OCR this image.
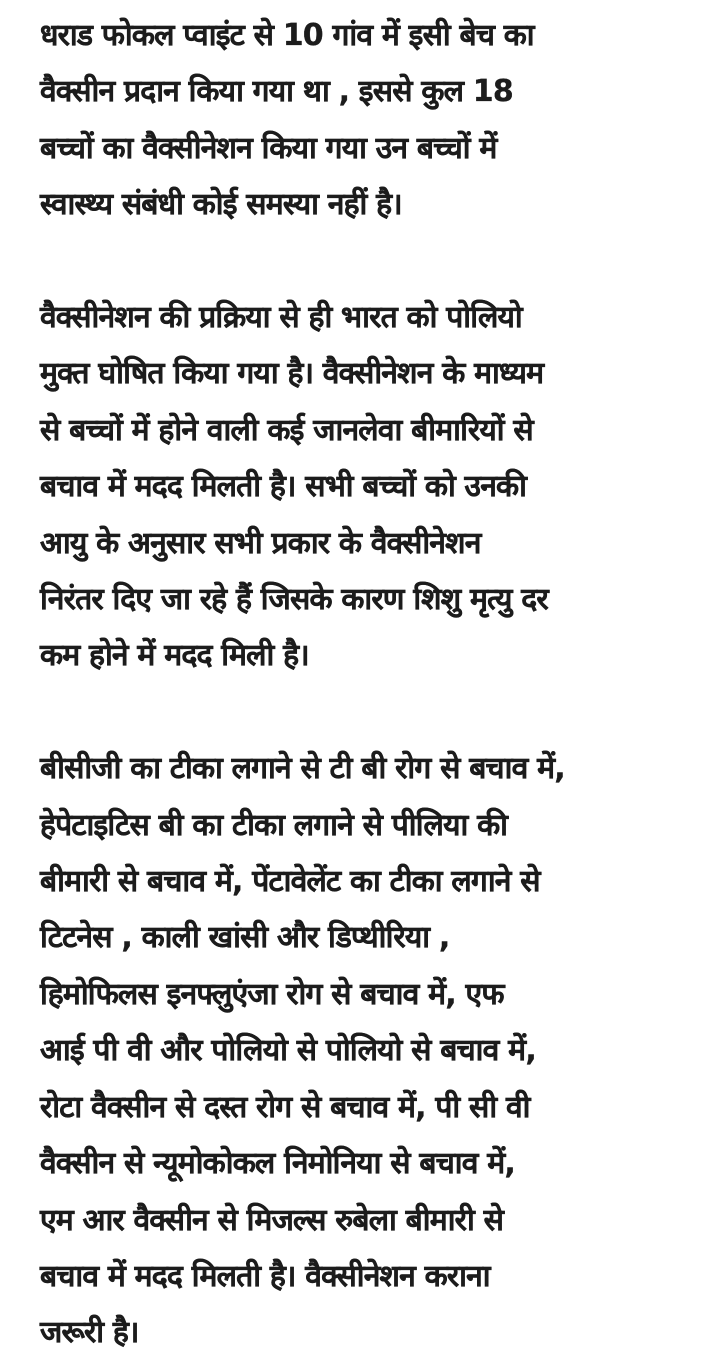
धराड फोकल प्वाइंट से 10 गांव में इसी बेच का
वैक्सीन प्रदान किया गया था , इससे कुल 18
बच्चों का वैक्सीनेशन किया गया उन बच्चों में
स्वास्थ्य संबंधी कोई समस्या नहीं है।

वैक्सीनेशन की प्रक्रिया से ही भारत को पोलियो
मुक्त घोषित किया गया है। वैक्सीनेशन के माध्यम
से बच्चों में होने वाली कई जानलेवा बीमारियों से
बचाव में मदद मिलती है। सभी बच्चों को उनकी
आयु के अनुसार सभी प्रकार के वैक्सीनेशन
निरंतर दिए जा रहे हैं जिसके कारण शिशु मृत्यु दर
कम होने में मदद मिली है।

बीसीजी का टीका लगाने से टी बी रोग से बचाव में,
हेपेटाइटिस बी का टीका लगाने से पीलिया की
बीमारी से बचाव में, पेंटावेलेंट का टीका लगाने से
टिटनेस , काली खांसी और डिप्थीरिया ,
हिमोफिलस इनफ्लुएंजा रोग से बचाव में, एफ
आई पी वी और पोलियो से पोलियो से बचाव में,
रोटा वैक्सीन से दस्त रोग से बचाव में, पी सी वी
वैक्सीन से न्यूमोकोकल निमोनिया से बचाव में,
एम आर वैक्सीन से मिजल्स रुबेला बीमारी से
बचाव में मदद मिलती है। वैक्सीनेशन कराना
जरूरी है।
